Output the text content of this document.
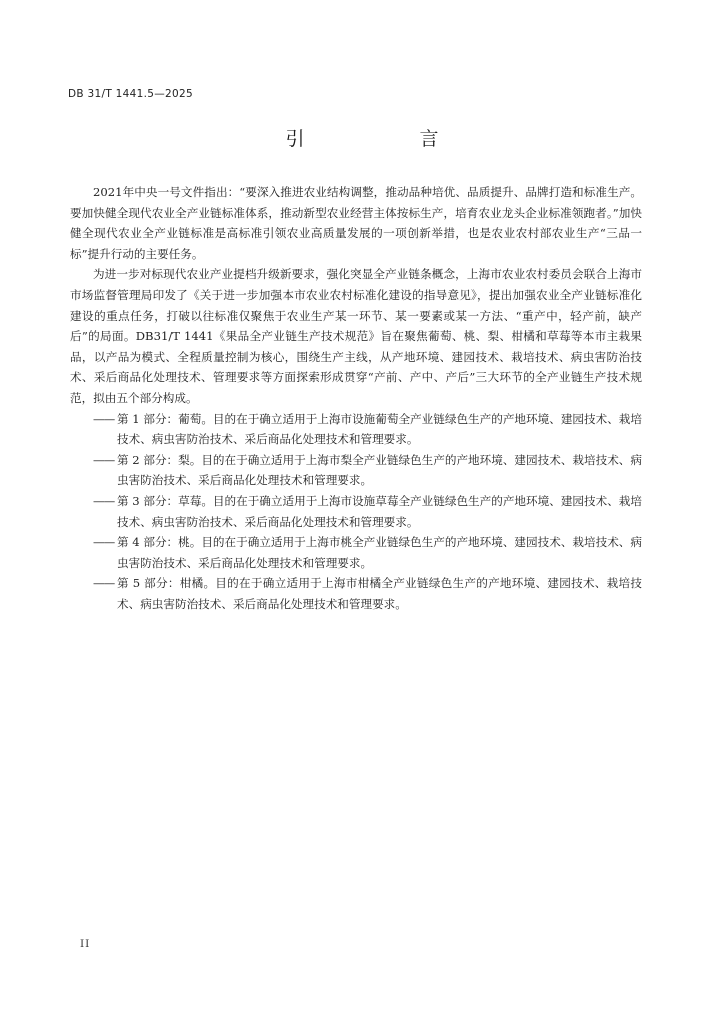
DB 31/T 1441.5—2025
引　言

2021年中央一号文件指出：“要深入推进农业结构调整，推动品种培优、品质提升、品牌打造和标准生产。要加快健全现代农业全产业链标准体系，推动新型农业经营主体按标生产，培育农业龙头企业标准领跑者。”加快健全现代农业全产业链标准是高标准引领农业高质量发展的一项创新举措，也是农业农村部农业生产“三品一标”提升行动的主要任务。

为进一步对标现代农业产业提档升级新要求，强化突显全产业链条概念，上海市农业农村委员会联合上海市市场监督管理局印发了《关于进一步加强本市农业农村标准化建设的指导意见》，提出加强农业全产业链标准化建设的重点任务，打破以往标准仅聚焦于农业生产某一环节、某一要素或某一方法、“重产中，轻产前，缺产后”的局面。DB31/T 1441《果品全产业链生产技术规范》旨在聚焦葡萄、桃、梨、柑橘和草莓等本市主栽果品，以产品为模式、全程质量控制为核心，围绕生产主线，从产地环境、建园技术、栽培技术、病虫害防治技术、采后商品化处理技术、管理要求等方面探索形成贯穿“产前、产中、产后”三大环节的全产业链生产技术规范，拟由五个部分构成。

—— 第 1 部分：葡萄。目的在于确立适用于上海市设施葡萄全产业链绿色生产的产地环境、建园技术、栽培技术、病虫害防治技术、采后商品化处理技术和管理要求。
—— 第 2 部分：梨。目的在于确立适用于上海市梨全产业链绿色生产的产地环境、建园技术、栽培技术、病虫害防治技术、采后商品化处理技术和管理要求。
—— 第 3 部分：草莓。目的在于确立适用于上海市设施草莓全产业链绿色生产的产地环境、建园技术、栽培技术、病虫害防治技术、采后商品化处理技术和管理要求。
—— 第 4 部分：桃。目的在于确立适用于上海市桃全产业链绿色生产的产地环境、建园技术、栽培技术、病虫害防治技术、采后商品化处理技术和管理要求。
—— 第 5 部分：柑橘。目的在于确立适用于上海市柑橘全产业链绿色生产的产地环境、建园技术、栽培技术、病虫害防治技术、采后商品化处理技术和管理要求。
II
